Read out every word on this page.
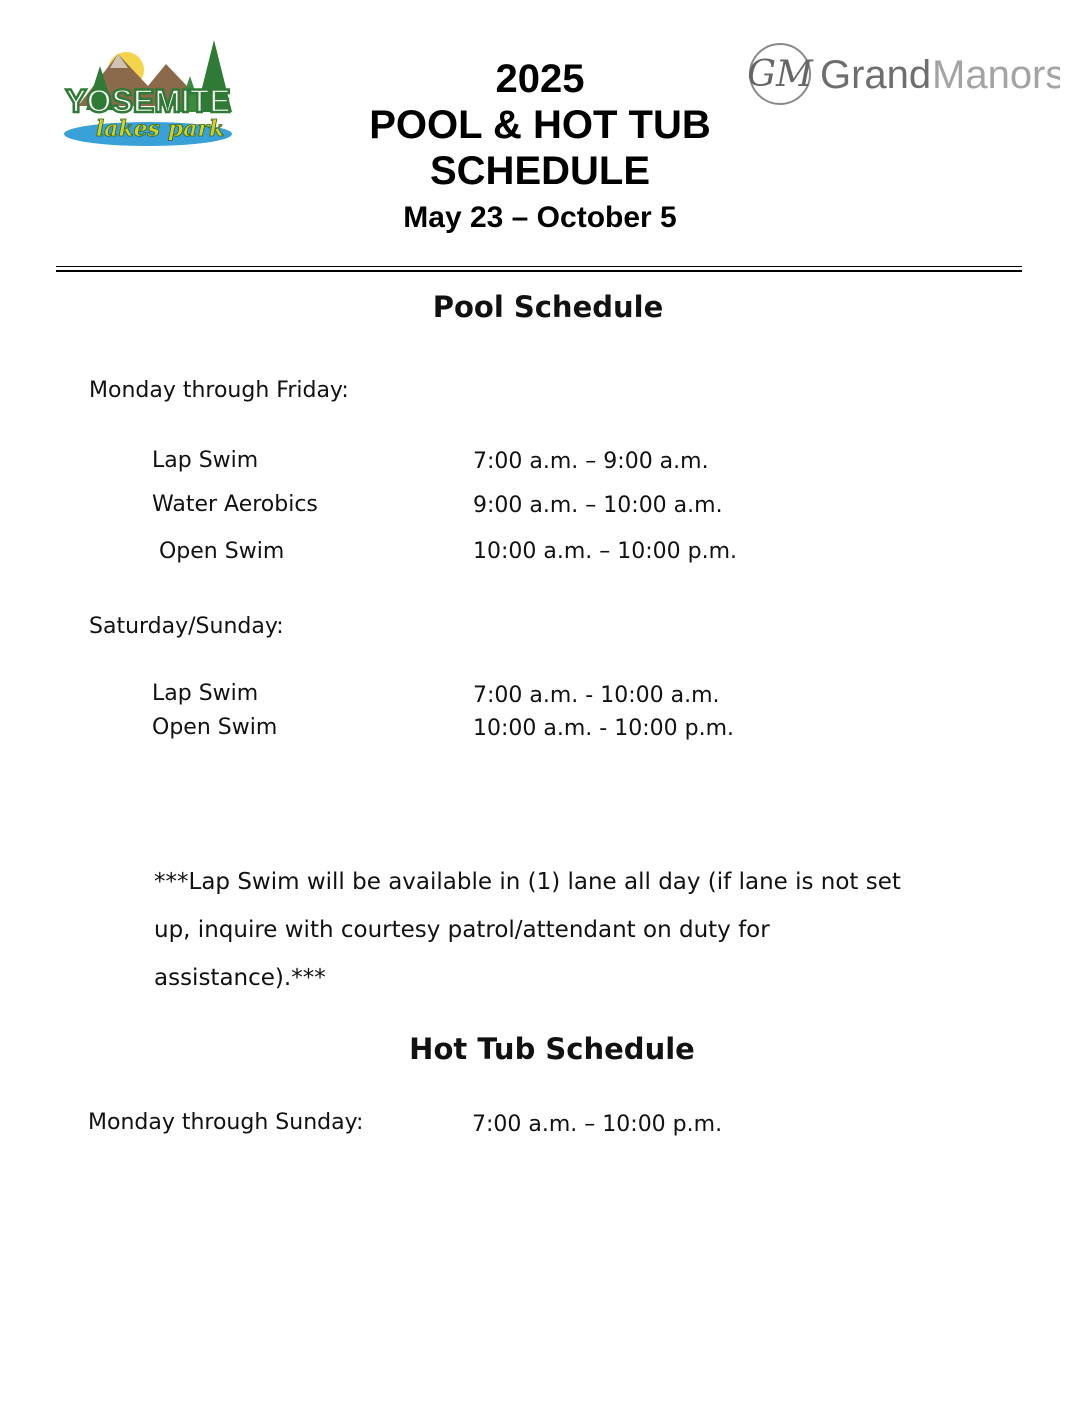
YOSEMITE
lakes park
GM Grand Manors
2025
POOL & HOT TUB
SCHEDULE
May 23 – October 5
Pool Schedule
Monday through Friday:
Lap Swim	7:00 a.m. – 9:00 a.m.
Water Aerobics	9:00 a.m. – 10:00 a.m.
Open Swim	10:00 a.m. – 10:00 p.m.
Saturday/Sunday:
Lap Swim	7:00 a.m. - 10:00 a.m.
Open Swim	10:00 a.m. - 10:00 p.m.
***Lap Swim will be available in (1) lane all day (if lane is not set up, inquire with courtesy patrol/attendant on duty for assistance).***
Hot Tub Schedule
Monday through Sunday:	7:00 a.m. – 10:00 p.m.
